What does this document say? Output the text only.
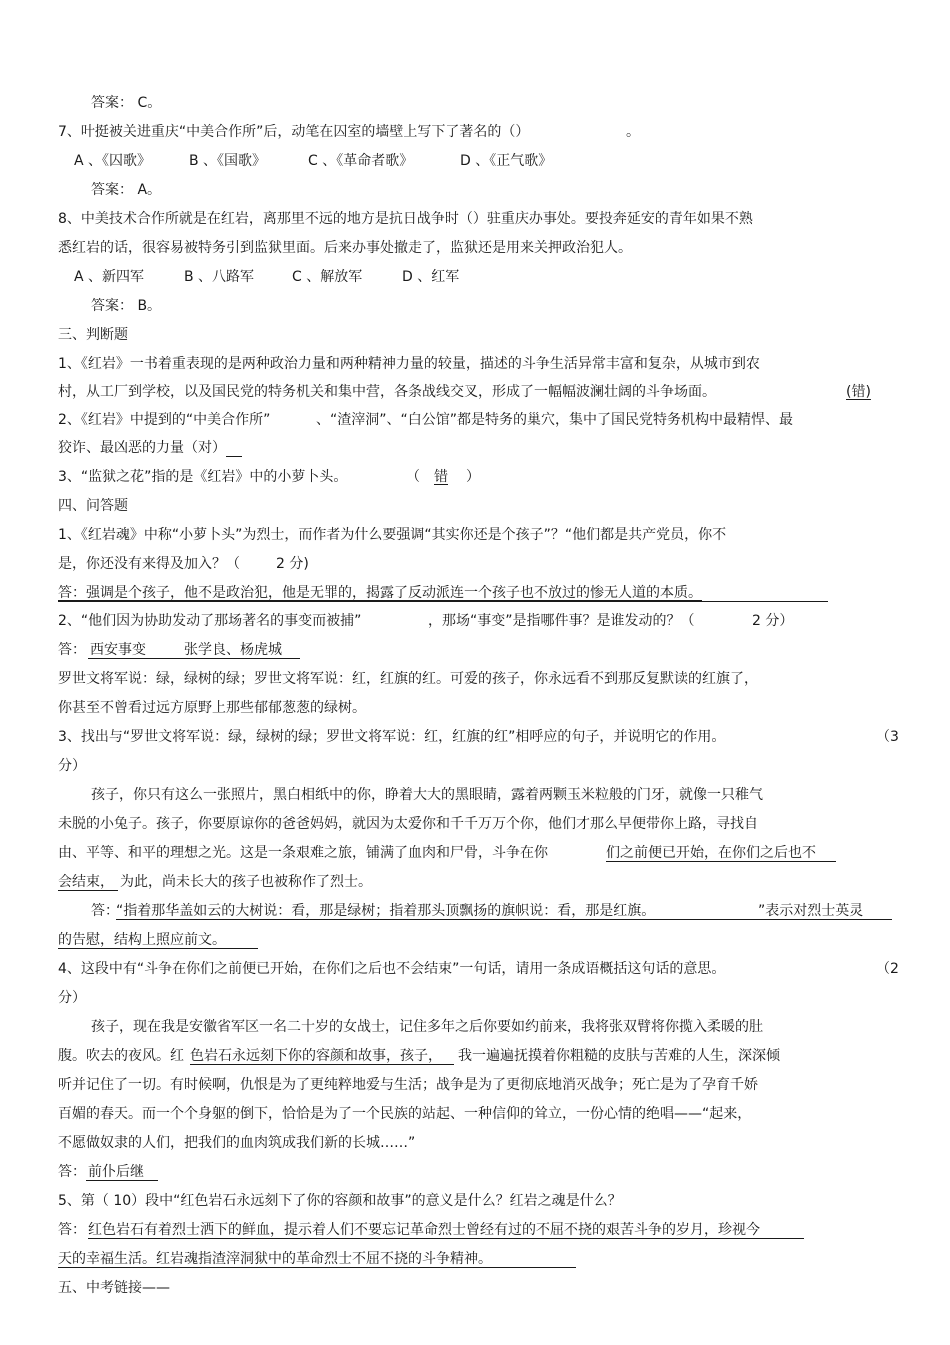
答案： C。
7、叶挺被关进重庆“中美合作所”后，动笔在囚室的墙壁上写下了著名的（）	。
A 、《囚歌》	B 、《国歌》	C 、《革命者歌》	D 、《正气歌》
答案： A。
8、中美技术合作所就是在红岩，离那里不远的地方是抗日战争时（）驻重庆办事处。要投奔延安的青年如果不熟
悉红岩的话，很容易被特务引到监狱里面。后来办事处撤走了，监狱还是用来关押政治犯人。
A 、新四军	B 、八路军	C 、解放军	D 、红军
答案： B。
三、判断题
1、《红岩》一书着重表现的是两种政治力量和两种精神力量的较量，描述的斗争生活异常丰富和复杂，从城市到农
村，从工厂到学校，以及国民党的特务机关和集中营，各条战线交叉，形成了一幅幅波澜壮阔的斗争场面。	(错)
2、《红岩》中提到的“中美合作所”	、“渣滓洞”、“白公馆”都是特务的巢穴，集中了国民党特务机构中最精悍、最
狡诈、最凶恶的力量（对）
3、“监狱之花”指的是《红岩》中的小萝卜头。	（ 错 ）
四、问答题
1、《红岩魂》中称“小萝卜头”为烈士，而作者为什么要强调“其实你还是个孩子”？“他们都是共产党员，你不
是，你还没有来得及加入？（	2 分)
答：强调是个孩子，他不是政治犯，他是无罪的，揭露了反动派连一个孩子也不放过的惨无人道的本质。
2、“他们因为协助发动了那场著名的事变而被捕”	，那场“事变”是指哪件事？是谁发动的？（	2 分）
答： 西安事变	张学良、杨虎城
罗世文将军说：绿，绿树的绿；罗世文将军说：红，红旗的红。可爱的孩子，你永远看不到那反复默读的红旗了，
你甚至不曾看过远方原野上那些郁郁葱葱的绿树。
3、找出与“罗世文将军说：绿，绿树的绿；罗世文将军说：红，红旗的红”相呼应的句子，并说明它的作用。	（3
分）
孩子，你只有这么一张照片，黑白相纸中的你，睁着大大的黑眼睛，露着两颗玉米粒般的门牙，就像一只稚气
未脱的小兔子。孩子，你要原谅你的爸爸妈妈，就因为太爱你和千千万万个你，他们才那么早便带你上路，寻找自
由、平等、和平的理想之光。这是一条艰难之旅，铺满了血肉和尸骨，斗争在你	们之前便已开始，在你们之后也不
会结束， 为此，尚未长大的孩子也被称作了烈士。
答：
“指着那华盖如云的大树说：看，那是绿树；指着那头顶飘扬的旗帜说：看，那是红旗。	”表示对烈士英灵
的告慰，结构上照应前文。
4、这段中有“斗争在你们之前便已开始，在你们之后也不会结束”一句话，请用一条成语概括这句话的意思。	（2
分）
孩子，现在我是安徽省军区一名二十岁的女战士，记住多年之后你要如约前来，我将张双臂将你揽入柔暖的肚
腹。吹去的夜风。红 色岩石永远刻下你的容颜和故事，孩子， 我一遍遍抚摸着你粗糙的皮肤与苦难的人生，深深倾
听并记住了一切。有时候啊，仇恨是为了更纯粹地爱与生活；战争是为了更彻底地消灭战争；死亡是为了孕育千娇
百媚的春天。而一个个身躯的倒下，恰恰是为了一个民族的站起、一种信仰的耸立，一份心情的绝唱——“起来，
不愿做奴隶的人们，把我们的血肉筑成我们新的长城……”
答： 前仆后继
5、第（ 10）段中“红色岩石永远刻下了你的容颜和故事”的意义是什么？红岩之魂是什么？
答： 红色岩石有着烈士洒下的鲜血，提示着人们不要忘记革命烈士曾经有过的不屈不挠的艰苦斗争的岁月，珍视今
天的幸福生活。红岩魂指渣滓洞狱中的革命烈士不屈不挠的斗争精神。
五、中考链接——
